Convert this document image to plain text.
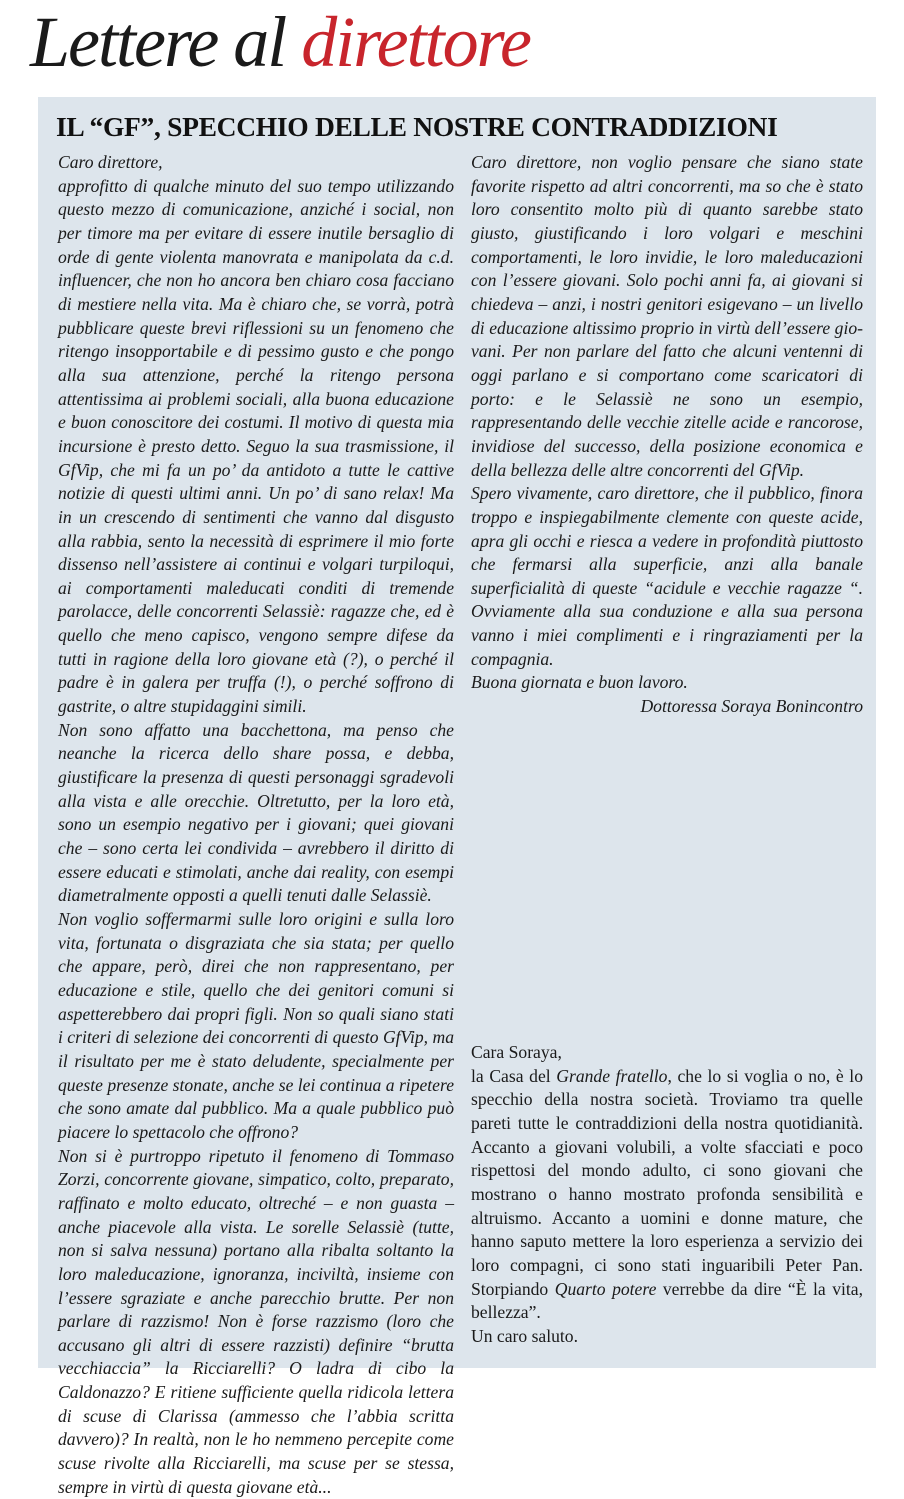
Lettere al direttore
IL “GF”, SPECCHIO DELLE NOSTRE CONTRADDIZIONI

Caro direttore,

approfitto di qualche minuto del suo tempo utilizzando questo mezzo di comunicazione, anziché i social, non per timore ma per evitare di essere inutile bersaglio di orde di gente violenta manovrata e manipolata da c.d. influencer, che non ho ancora ben chiaro cosa facciano di mestiere nella vita. Ma è chiaro che, se vorrà, potrà pubblicare queste brevi riflessioni su un fenomeno che ritengo insopportabile e di pessimo gusto e che pongo alla sua attenzione, perché la ritengo persona attentissima ai problemi sociali, alla buona educazione e buon conoscitore dei costumi. Il motivo di questa mia incursione è presto detto. Seguo la sua trasmissione, il GfVip, che mi fa un po’ da antidoto a tutte le cattive notizie di questi ultimi anni. Un po’ di sano relax! Ma in un crescendo di sentimenti che vanno dal disgusto alla rabbia, sento la necessità di esprimere il mio forte dissenso nell’assistere ai continui e volgari turpiloqui, ai comportamenti maleducati conditi di tremende parolacce, delle concorrenti Selassiè: ragazze che, ed è quello che meno capisco, vengono sempre difese da tutti in ragione della loro giovane età (?), o perché il padre è in galera per truffa (!), o perché soffrono di gastrite, o altre stupidaggini simili.

Non sono affatto una bacchettona, ma penso che neanche la ricerca dello share possa, e debba, giustificare la presenza di questi personaggi sgradevoli alla vista e alle orecchie. Oltretutto, per la loro età, sono un esempio negativo per i giovani; quei giovani che – sono certa lei condivida – avrebbero il diritto di essere educati e stimolati, anche dai reality, con esempi diametralmente opposti a quelli tenuti dalle Selassiè.

Non voglio soffermarmi sulle loro origini e sulla loro vita, fortunata o disgraziata che sia stata; per quello che appare, però, direi che non rappresentano, per educazione e stile, quello che dei genitori comuni si aspetterebbero dai propri figli. Non so quali siano stati i criteri di selezione dei concorrenti di questo GfVip, ma il risultato per me è stato deludente, specialmente per queste presenze stonate, anche se lei continua a ripetere che sono amate dal pubblico. Ma a quale pubblico può piacere lo spettacolo che offrono?

Non si è purtroppo ripetuto il fenomeno di Tommaso Zorzi, concorrente giovane, simpatico, colto, preparato, raffinato e molto educato, oltreché – e non guasta – anche piacevole alla vista. Le sorelle Selassiè (tutte, non si salva nessuna) portano alla ribalta soltanto la loro maleducazione, ignoranza, inciviltà, insieme con l’essere sgraziate e anche parecchio brutte. Per non parlare di razzismo! Non è forse razzismo (loro che accusano gli altri di essere razzisti) definire “brutta vecchiaccia” la Ricciarelli? O ladra di cibo la Caldonazzo? E ritiene sufficiente quella ridicola lettera di scuse di Clarissa (ammesso che l’abbia scritta davvero)? In realtà, non le ho nemmeno percepite come scuse rivolte alla Ricciarelli, ma scuse per se stessa, sempre in virtù di questa giovane età...

Caro direttore, non voglio pensare che siano state favorite rispetto ad altri concorrenti, ma so che è stato loro consentito molto più di quanto sarebbe stato giusto, giustificando i loro volgari e meschini comportamenti, le loro invidie, le loro maleducazioni con l’essere giovani. Solo pochi anni fa, ai giovani si chiedeva – anzi, i nostri genitori esigevano – un livello di educazione altissimo proprio in virtù dell’essere giovani. Per non parlare del fatto che alcuni ventenni di oggi parlano e si comportano come scaricatori di porto: e le Selassiè ne sono un esempio, rappresentando delle vecchie zitelle acide e rancorose, invidiose del successo, della posizione economica e della bellezza delle altre concorrenti del GfVip.

Spero vivamente, caro direttore, che il pubblico, finora troppo e inspiegabilmente clemente con queste acide, apra gli occhi e riesca a vedere in profondità piuttosto che fermarsi alla superficie, anzi alla banale superficialità di queste “acidule e vecchie ragazze “. Ovviamente alla sua conduzione e alla sua persona vanno i miei complimenti e i ringraziamenti per la compagnia.

Buona giornata e buon lavoro.

Dottoressa Soraya Bonincontro

Cara Soraya,

la Casa del Grande fratello, che lo si voglia o no, è lo specchio della nostra società. Troviamo tra quelle pareti tutte le contraddizioni della nostra quotidianità. Accanto a giovani volubili, a volte sfacciati e poco rispettosi del mondo adulto, ci sono giovani che mostrano o hanno mostrato profonda sensibilità e altruismo. Accanto a uomini e donne mature, che hanno saputo mettere la loro esperienza a servizio dei loro compagni, ci sono stati inguaribili Peter Pan. Storpiando Quarto potere verrebbe da dire “È la vita, bellezza”.

Un caro saluto.
